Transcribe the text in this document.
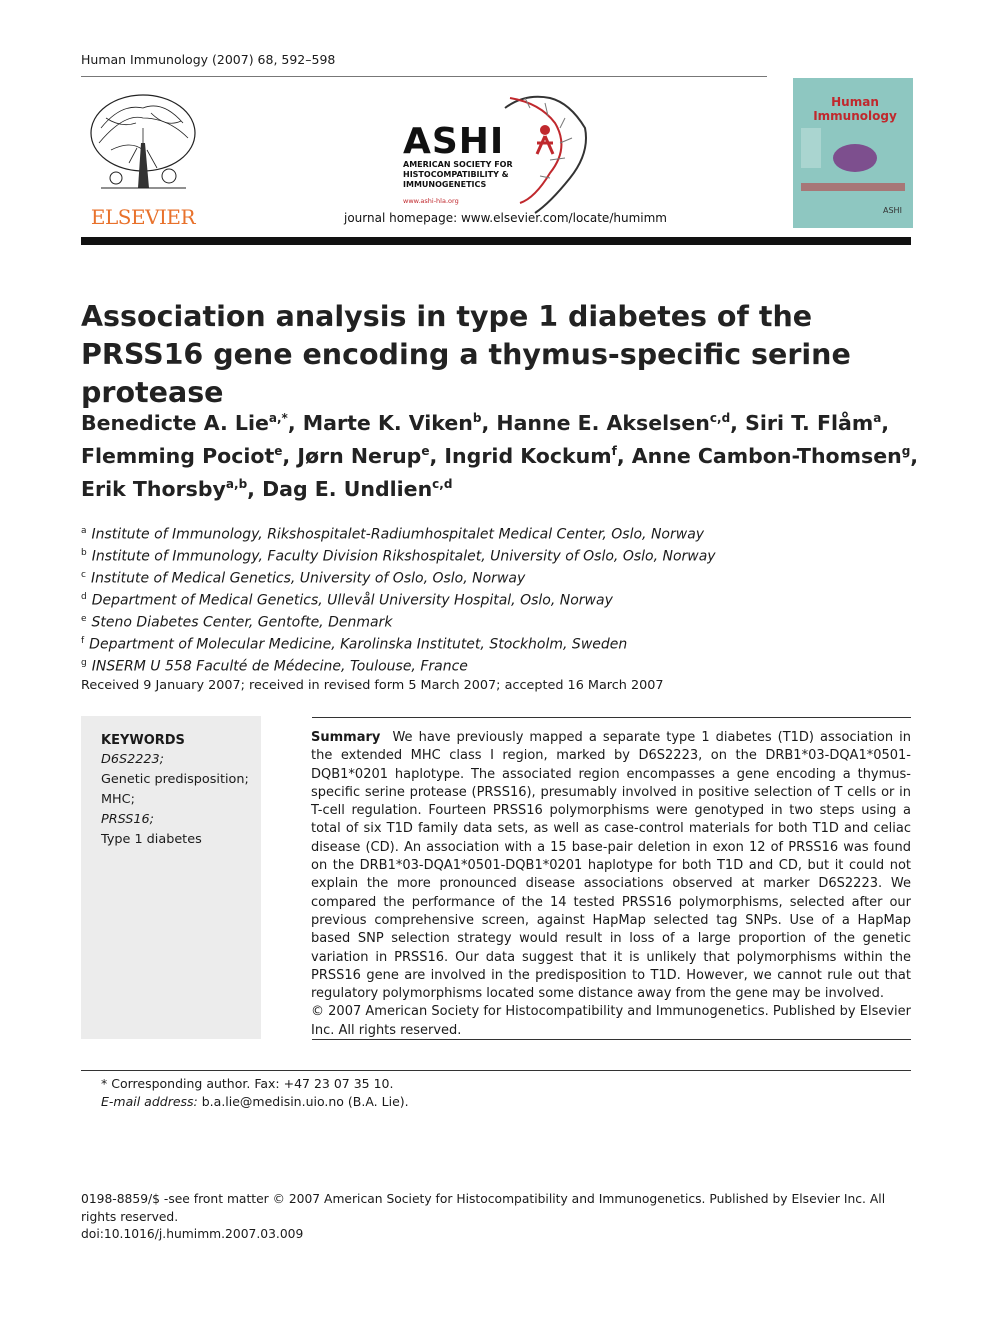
Human Immunology (2007) 68, 592–598
ELSEVIER
ASHI
AMERICAN SOCIETY FOR HISTOCOMPATIBILITY & IMMUNOGENETICS
www.ashi-hla.org
journal homepage: www.elsevier.com/locate/humimm
ASHI
Human Immunology
Association analysis in type 1 diabetes of the PRSS16 gene encoding a thymus-specific serine protease
Benedicte A. Lie$^{a,*}$, Marte K. Viken$^b$, Hanne E. Akselsen$^{c,d}$, Siri T. Flåm$^a$,
Flemming Pociot$^e$, Jørn Nerup$^e$, Ingrid Kockum$^f$, Anne Cambon-Thomsen$^g$,
Erik Thorsby$^{a,b}$, Dag E. Undlien$^{c,d}$
$^a$ Institute of Immunology, Rikshospitalet-Radiumhospitalet Medical Center, Oslo, Norway
$^b$ Institute of Immunology, Faculty Division Rikshospitalet, University of Oslo, Oslo, Norway
$^c$ Institute of Medical Genetics, University of Oslo, Oslo, Norway
$^d$ Department of Medical Genetics, Ullevål University Hospital, Oslo, Norway
$^e$ Steno Diabetes Center, Gentofte, Denmark
$^f$ Department of Molecular Medicine, Karolinska Institutet, Stockholm, Sweden
$^g$ INSERM U 558 Faculté de Médecine, Toulouse, France
Received 9 January 2007; received in revised form 5 March 2007; accepted 16 March 2007
KEYWORDS
D6S2223;
Genetic predisposition;
MHC;
PRSS16;
Type 1 diabetes
Summary We have previously mapped a separate type 1 diabetes (T1D) association in the extended MHC class I region, marked by D6S2223, on the DRB1*03-DQA1*0501-DQB1*0201 haplotype. The associated region encompasses a gene encoding a thymus-specific serine protease (PRSS16), presumably involved in positive selection of T cells or in T-cell regulation. Fourteen PRSS16 polymorphisms were genotyped in two steps using a total of six T1D family data sets, as well as case-control materials for both T1D and celiac disease (CD). An association with a 15 base-pair deletion in exon 12 of PRSS16 was found on the DRB1*03-DQA1*0501-DQB1*0201 haplotype for both T1D and CD, but it could not explain the more pronounced disease associations observed at marker D6S2223. We compared the performance of the 14 tested PRSS16 polymorphisms, selected after our previous comprehensive screen, against HapMap selected tag SNPs. Use of a HapMap based SNP selection strategy would result in loss of a large proportion of the genetic variation in PRSS16. Our data suggest that it is unlikely that polymorphisms within the PRSS16 gene are involved in the predisposition to T1D. However, we cannot rule out that regulatory polymorphisms located some distance away from the gene may be involved.
© 2007 American Society for Histocompatibility and Immunogenetics. Published by Elsevier Inc. All rights reserved.
* Corresponding author. Fax: +47 23 07 35 10.
E-mail address: b.a.lie@medisin.uio.no (B.A. Lie).
0198-8859/$ -see front matter © 2007 American Society for Histocompatibility and Immunogenetics. Published by Elsevier Inc. All rights reserved.
doi:10.1016/j.humimm.2007.03.009
